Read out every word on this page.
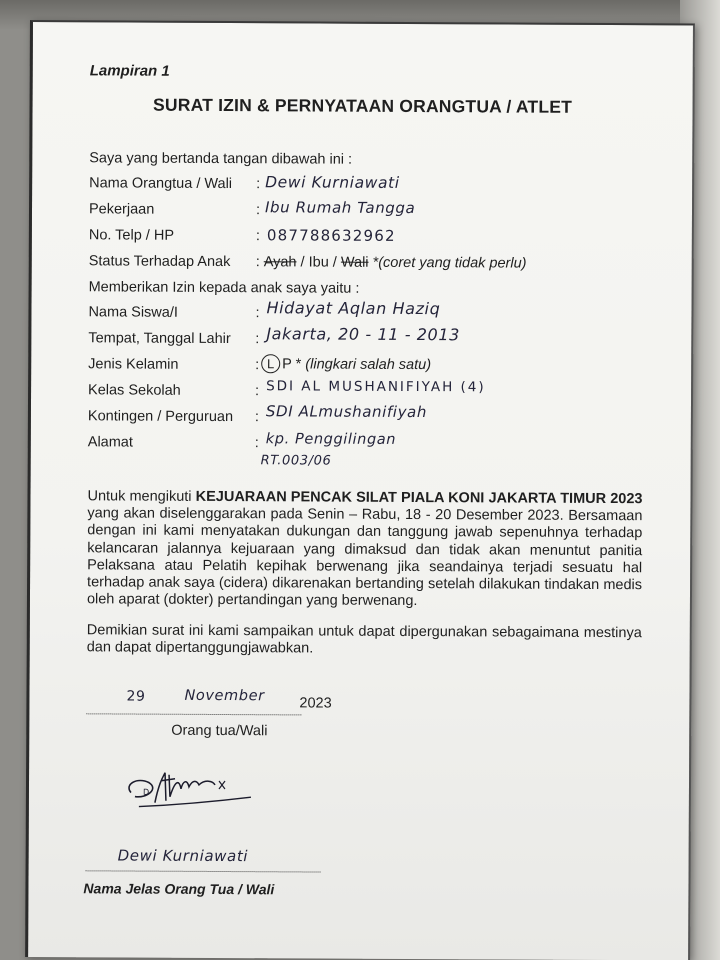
Lampiran 1
SURAT IZIN & PERNYATAAN ORANGTUA / ATLET
Saya yang bertanda tangan dibawah ini :
Nama Orangtua / Wali	: Dewi Kurniawati
Pekerjaan	: Ibu Rumah Tangga
No. Telp / HP	: 087788632962
Status Terhadap Anak	: Ayah / Ibu / Wali *(coret yang tidak perlu)
Memberikan Izin kepada anak saya yaitu :
Nama Siswa/I	: Hidayat Aqlan Haziq
Tempat, Tanggal Lahir	: Jakarta, 20 - 11 - 2013
Jenis Kelamin	: L P * (lingkari salah satu)
Kelas Sekolah	: SDI AL MUSHANIFIYAH (4)
Kontingen / Perguruan	: SDI ALmushanifiyah
Alamat	: kp. Penggilingan
RT.003/06
Untuk mengikuti KEJUARAAN PENCAK SILAT PIALA KONI JAKARTA TIMUR 2023 yang akan diselenggarakan pada Senin – Rabu, 18 - 20 Desember 2023. Bersamaan dengan ini kami menyatakan dukungan dan tanggung jawab sepenuhnya terhadap kelancaran jalannya kejuaraan yang dimaksud dan tidak akan menuntut panitia Pelaksana atau Pelatih kepihak berwenang jika seandainya terjadi sesuatu hal terhadap anak saya (cidera) dikarenakan bertanding setelah dilakukan tindakan medis oleh aparat (dokter) pertandingan yang berwenang.
Demikian surat ini kami sampaikan untuk dapat dipergunakan sebagaimana mestinya dan dapat dipertanggungjawabkan.
29	November 2023
Orang tua/Wali
D
Dewi Kurniawati
Nama Jelas Orang Tua / Wali
